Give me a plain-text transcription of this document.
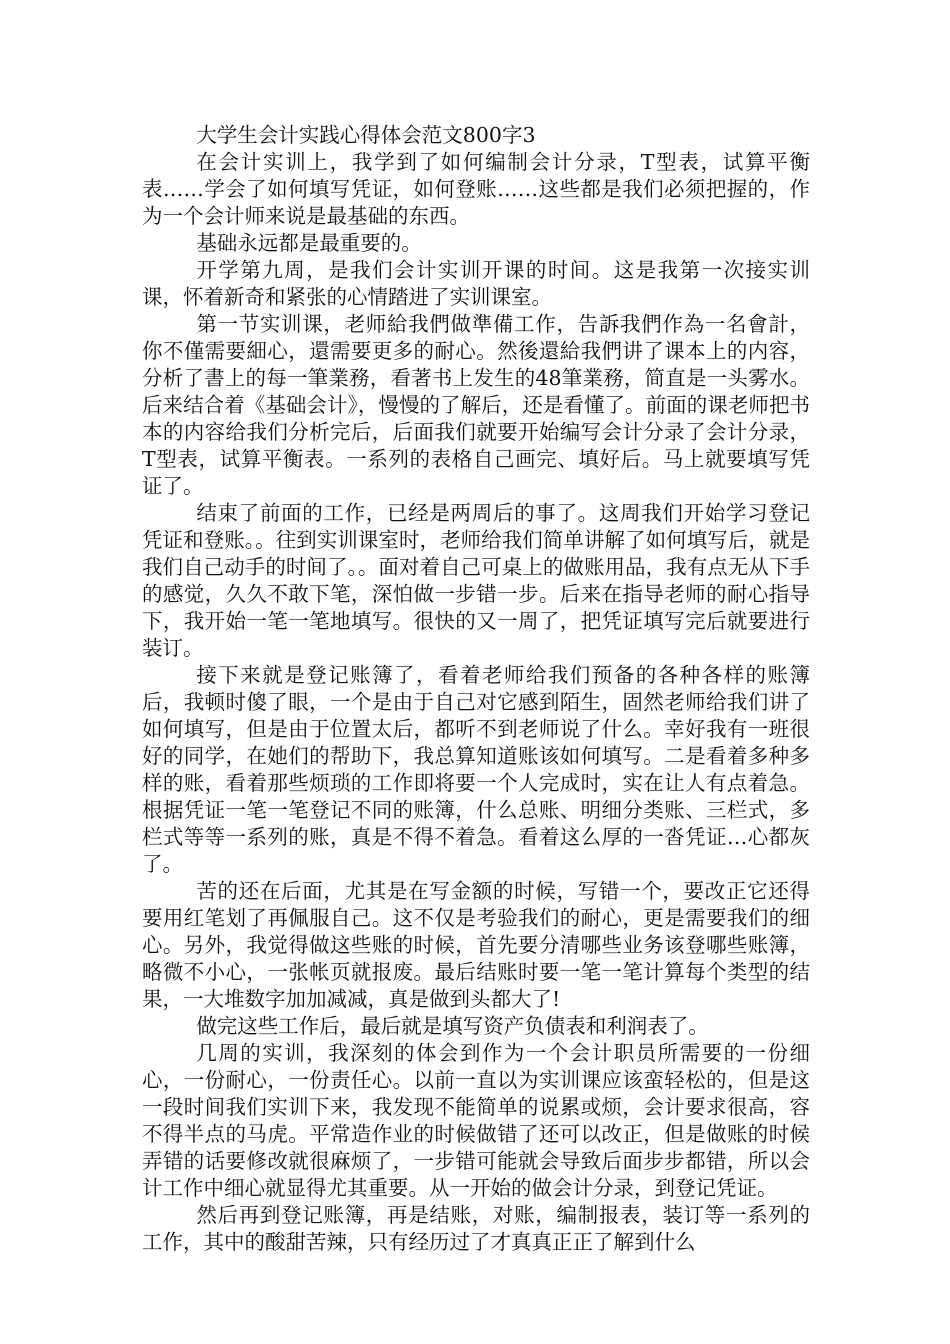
大学生会计实践心得体会范文800字3

在会计实训上，我学到了如何编制会计分录，T型表，试算平衡表……学会了如何填写凭证，如何登账……这些都是我们必须把握的，作为一个会计师来说是最基础的东西。

基础永远都是最重要的。

开学第九周，是我们会计实训开课的时间。这是我第一次接实训课，怀着新奇和紧张的心情踏进了实训课室。

第一节实训课，老师給我們做準備工作，告訴我們作為一名會計，你不僅需要細心，還需要更多的耐心。然後還給我們讲了课本上的内容，分析了書上的每一筆業務，看著书上发生的48筆業務，简直是一头雾水。后来结合着《基础会计》，慢慢的了解后，还是看懂了。前面的课老师把书本的内容给我们分析完后，后面我们就要开始编写会计分录了会计分录，T型表，试算平衡表。一系列的表格自己画完、填好后。马上就要填写凭证了。

结束了前面的工作，已经是两周后的事了。这周我们开始学习登记凭证和登账。。往到实训课室时，老师给我们简单讲解了如何填写后，就是我们自己动手的时间了。。面对着自己可桌上的做账用品，我有点无从下手的感觉，久久不敢下笔，深怕做一步错一步。后来在指导老师的耐心指导下，我开始一笔一笔地填写。很快的又一周了，把凭证填写完后就要进行装订。

接下来就是登记账簿了，看着老师给我们预备的各种各样的账簿后，我顿时傻了眼，一个是由于自己对它感到陌生，固然老师给我们讲了如何填写，但是由于位置太后，都听不到老师说了什么。幸好我有一班很好的同学，在她们的帮助下，我总算知道账该如何填写。二是看着多种多样的账，看着那些烦琐的工作即将要一个人完成时，实在让人有点着急。根据凭证一笔一笔登记不同的账簿，什么总账、明细分类账、三栏式，多栏式等等一系列的账，真是不得不着急。看着这么厚的一沓凭证…心都灰了。

苦的还在后面，尤其是在写金额的时候，写错一个，要改正它还得要用红笔划了再佩服自己。这不仅是考验我们的耐心，更是需要我们的细心。另外，我觉得做这些账的时候，首先要分清哪些业务该登哪些账簿，略微不小心，一张帐页就报废。最后结账时要一笔一笔计算每个类型的结果，一大堆数字加加减减，真是做到头都大了!

做完这些工作后，最后就是填写资产负债表和利润表了。

几周的实训，我深刻的体会到作为一个会计职员所需要的一份细心，一份耐心，一份责任心。以前一直以为实训课应该蛮轻松的，但是这一段时间我们实训下来，我发现不能简单的说累或烦，会计要求很高，容不得半点的马虎。平常造作业的时候做错了还可以改正，但是做账的时候弄错的话要修改就很麻烦了，一步错可能就会导致后面步步都错，所以会计工作中细心就显得尤其重要。从一开始的做会计分录，到登记凭证。

然后再到登记账簿，再是结账，对账，编制报表，装订等一系列的工作，其中的酸甜苦辣，只有经历过了才真真正正了解到什么
